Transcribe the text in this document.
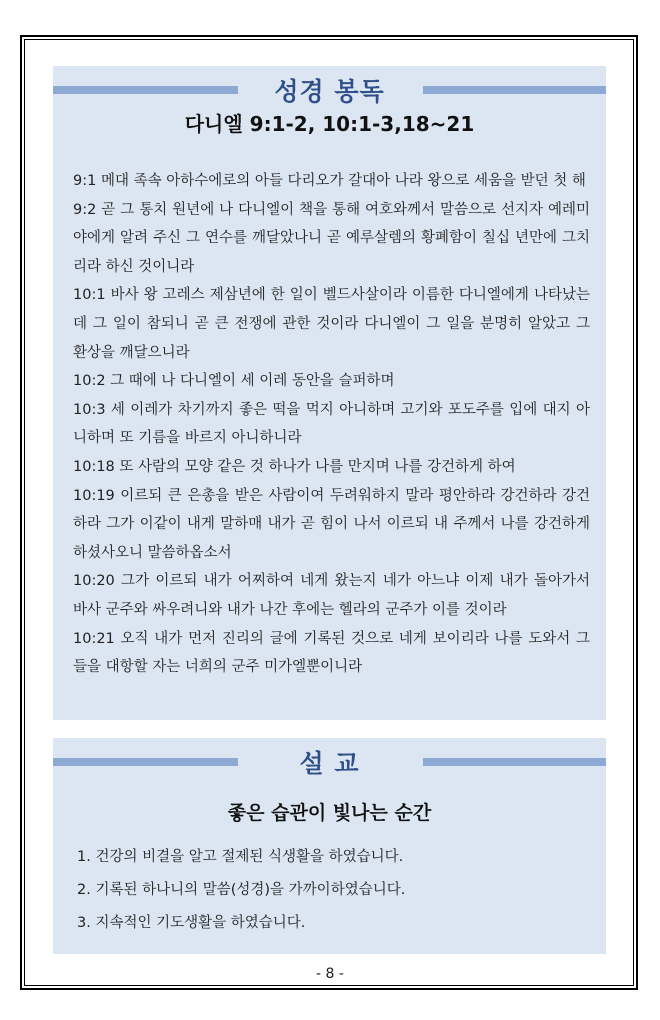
성경 봉독
다니엘 9:1-2, 10:1-3,18~21

9:1 메대 족속 아하수에로의 아들 다리오가 갈대아 나라 왕으로 세움을 받던 첫 해

9:2 곧 그 통치 원년에 나 다니엘이 책을 통해 여호와께서 말씀으로 선지자 예레미야에게 알려 주신 그 연수를 깨달았나니 곧 예루살렘의 황폐함이 칠십 년만에 그치리라 하신 것이니라

10:1 바사 왕 고레스 제삼년에 한 일이 벨드사살이라 이름한 다니엘에게 나타났는데 그 일이 참되니 곧 큰 전쟁에 관한 것이라 다니엘이 그 일을 분명히 알았고 그 환상을 깨달으니라

10:2 그 때에 나 다니엘이 세 이레 동안을 슬퍼하며

10:3 세 이레가 차기까지 좋은 떡을 먹지 아니하며 고기와 포도주를 입에 대지 아니하며 또 기름을 바르지 아니하니라

10:18 또 사람의 모양 같은 것 하나가 나를 만지며 나를 강건하게 하여

10:19 이르되 큰 은총을 받은 사람이여 두려워하지 말라 평안하라 강건하라 강건하라 그가 이같이 내게 말하매 내가 곧 힘이 나서 이르되 내 주께서 나를 강건하게 하셨사오니 말씀하옵소서

10:20 그가 이르되 내가 어찌하여 네게 왔는지 네가 아느냐 이제 내가 돌아가서 바사 군주와 싸우려니와 내가 나간 후에는 헬라의 군주가 이를 것이라

10:21 오직 내가 먼저 진리의 글에 기록된 것으로 네게 보이리라 나를 도와서 그들을 대항할 자는 너희의 군주 미가엘뿐이니라

설 교
좋은 습관이 빛나는 순간
1. 건강의 비결을 알고 절제된 식생활을 하였습니다.
2. 기록된 하나니의 말씀(성경)을 가까이하였습니다.
3. 지속적인 기도생활을 하였습니다.
- 8 -
